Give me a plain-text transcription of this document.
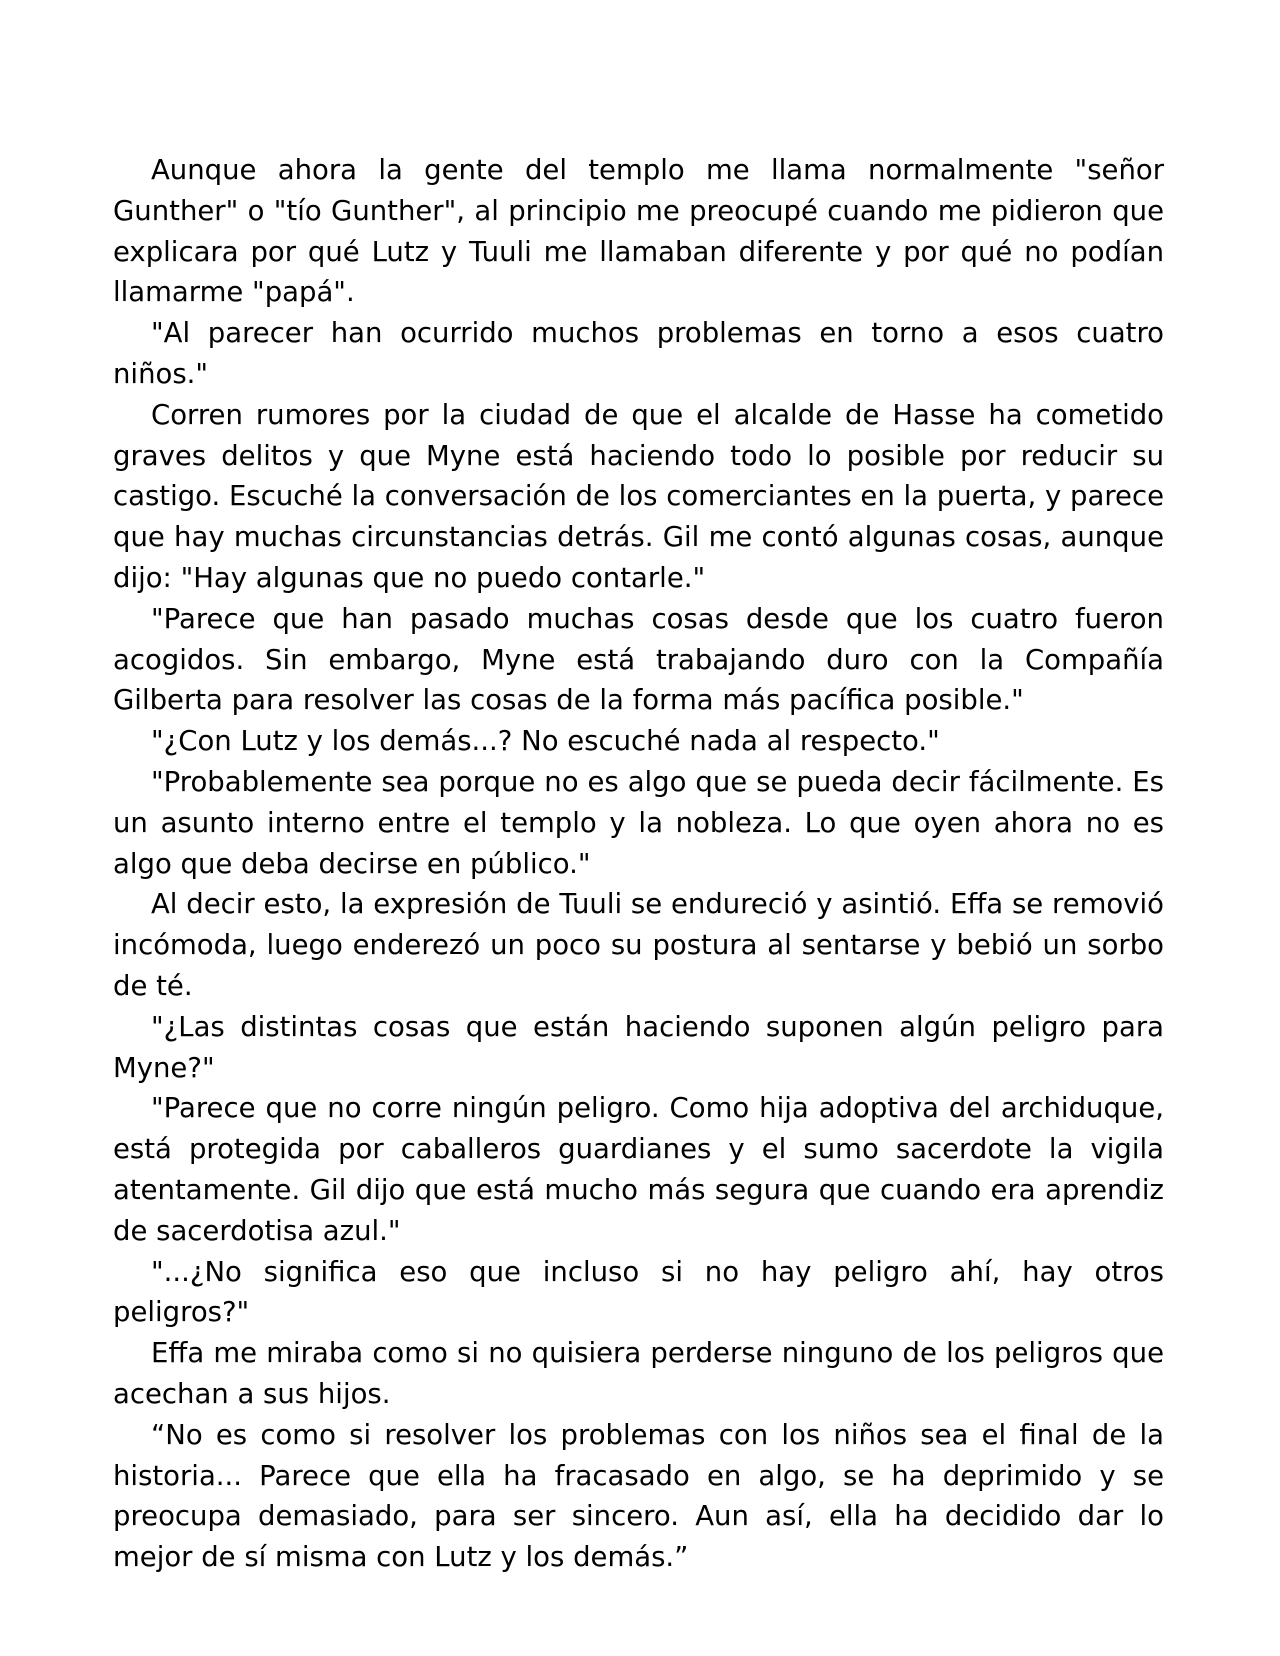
Aunque ahora la gente del templo me llama normalmente "señor Gunther" o "tío Gunther", al principio me preocupé cuando me pidieron que explicara por qué Lutz y Tuuli me llamaban diferente y por qué no podían llamarme "papá".

"Al parecer han ocurrido muchos problemas en torno a esos cuatro niños."

Corren rumores por la ciudad de que el alcalde de Hasse ha cometido graves delitos y que Myne está haciendo todo lo posible por reducir su castigo. Escuché la conversación de los comerciantes en la puerta, y parece que hay muchas circunstancias detrás. Gil me contó algunas cosas, aunque dijo: "Hay algunas que no puedo contarle."

"Parece que han pasado muchas cosas desde que los cuatro fueron acogidos. Sin embargo, Myne está trabajando duro con la Compañía Gilberta para resolver las cosas de la forma más pacífica posible."

"¿Con Lutz y los demás...? No escuché nada al respecto."

"Probablemente sea porque no es algo que se pueda decir fácilmente. Es un asunto interno entre el templo y la nobleza. Lo que oyen ahora no es algo que deba decirse en público."

Al decir esto, la expresión de Tuuli se endureció y asintió. Effa se removió incómoda, luego enderezó un poco su postura al sentarse y bebió un sorbo de té.

"¿Las distintas cosas que están haciendo suponen algún peligro para Myne?"

"Parece que no corre ningún peligro. Como hija adoptiva del archiduque, está protegida por caballeros guardianes y el sumo sacerdote la vigila atentamente. Gil dijo que está mucho más segura que cuando era aprendiz de sacerdotisa azul."

"...¿No significa eso que incluso si no hay peligro ahí, hay otros peligros?"

Effa me miraba como si no quisiera perderse ninguno de los peligros que acechan a sus hijos.

“No es como si resolver los problemas con los niños sea el final de la historia... Parece que ella ha fracasado en algo, se ha deprimido y se preocupa demasiado, para ser sincero. Aun así, ella ha decidido dar lo mejor de sí misma con Lutz y los demás.”
